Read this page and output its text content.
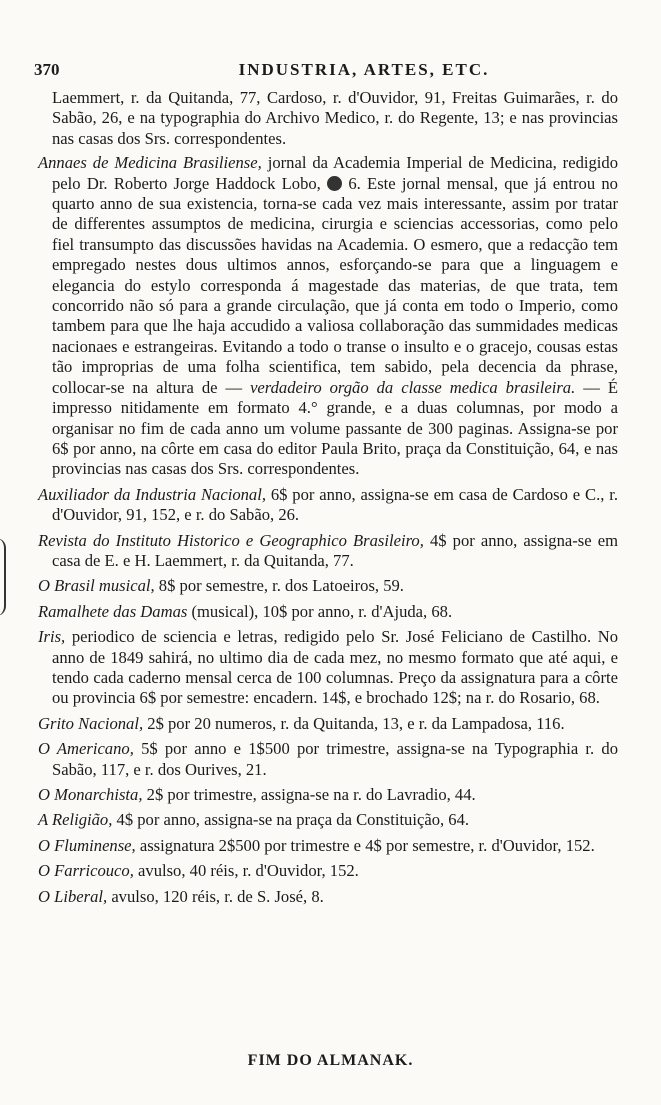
370	INDUSTRIA, ARTES, ETC.

Laemmert, r. da Quitanda, 77, Cardoso, r. d'Ouvidor, 91, Freitas Guimarães, r. do Sabão, 26, e na typographia do Archivo Medico, r. do Regente, 13; e nas provincias nas casas dos Srs. correspondentes.

Annaes de Medicina Brasiliense, jornal da Academia Imperial de Medicina, redigido pelo Dr. Roberto Jorge Haddock Lobo, 6. Este jornal mensal, que já entrou no quarto anno de sua existencia, torna-se cada vez mais interessante, assim por tratar de differentes assumptos de medicina, cirurgia e sciencias accessorias, como pelo fiel transumpto das discussões havidas na Academia. O esmero, que a redacção tem empregado nestes dous ultimos annos, esforçando-se para que a linguagem e elegancia do estylo corresponda á magestade das materias, de que trata, tem concorrido não só para a grande circulação, que já conta em todo o Imperio, como tambem para que lhe haja accudido a valiosa collaboração das summidades medicas nacionaes e estrangeiras. Evitando a todo o transe o insulto e o gracejo, cousas estas tão improprias de uma folha scientifica, tem sabido, pela decencia da phrase, collocar-se na altura de — verdadeiro orgão da classe medica brasileira. — É impresso nitidamente em formato 4.° grande, e a duas columnas, por modo a organisar no fim de cada anno um volume passante de 300 paginas. Assigna-se por 6$ por anno, na côrte em casa do editor Paula Brito, praça da Constituição, 64, e nas provincias nas casas dos Srs. correspondentes.

Auxiliador da Industria Nacional, 6$ por anno, assigna-se em casa de Cardoso e C., r. d'Ouvidor, 91, 152, e r. do Sabão, 26.

Revista do Instituto Historico e Geographico Brasileiro, 4$ por anno, assigna-se em casa de E. e H. Laemmert, r. da Quitanda, 77.

O Brasil musical, 8$ por semestre, r. dos Latoeiros, 59.

Ramalhete das Damas (musical), 10$ por anno, r. d'Ajuda, 68.

Iris, periodico de sciencia e letras, redigido pelo Sr. José Feliciano de Castilho. No anno de 1849 sahirá, no ultimo dia de cada mez, no mesmo formato que até aqui, e tendo cada caderno mensal cerca de 100 columnas. Preço da assignatura para a côrte ou provincia 6$ por semestre: encadern. 14$, e brochado 12$; na r. do Rosario, 68.

Grito Nacional, 2$ por 20 numeros, r. da Quitanda, 13, e r. da Lampadosa, 116.

O Americano, 5$ por anno e 1$500 por trimestre, assigna-se na Typographia r. do Sabão, 117, e r. dos Ourives, 21.

O Monarchista, 2$ por trimestre, assigna-se na r. do Lavradio, 44.

A Religião, 4$ por anno, assigna-se na praça da Constituição, 64.

O Fluminense, assignatura 2$500 por trimestre e 4$ por semestre, r. d'Ouvidor, 152.

O Farricouco, avulso, 40 réis, r. d'Ouvidor, 152.

O Liberal, avulso, 120 réis, r. de S. José, 8.

FIM DO ALMANAK.
